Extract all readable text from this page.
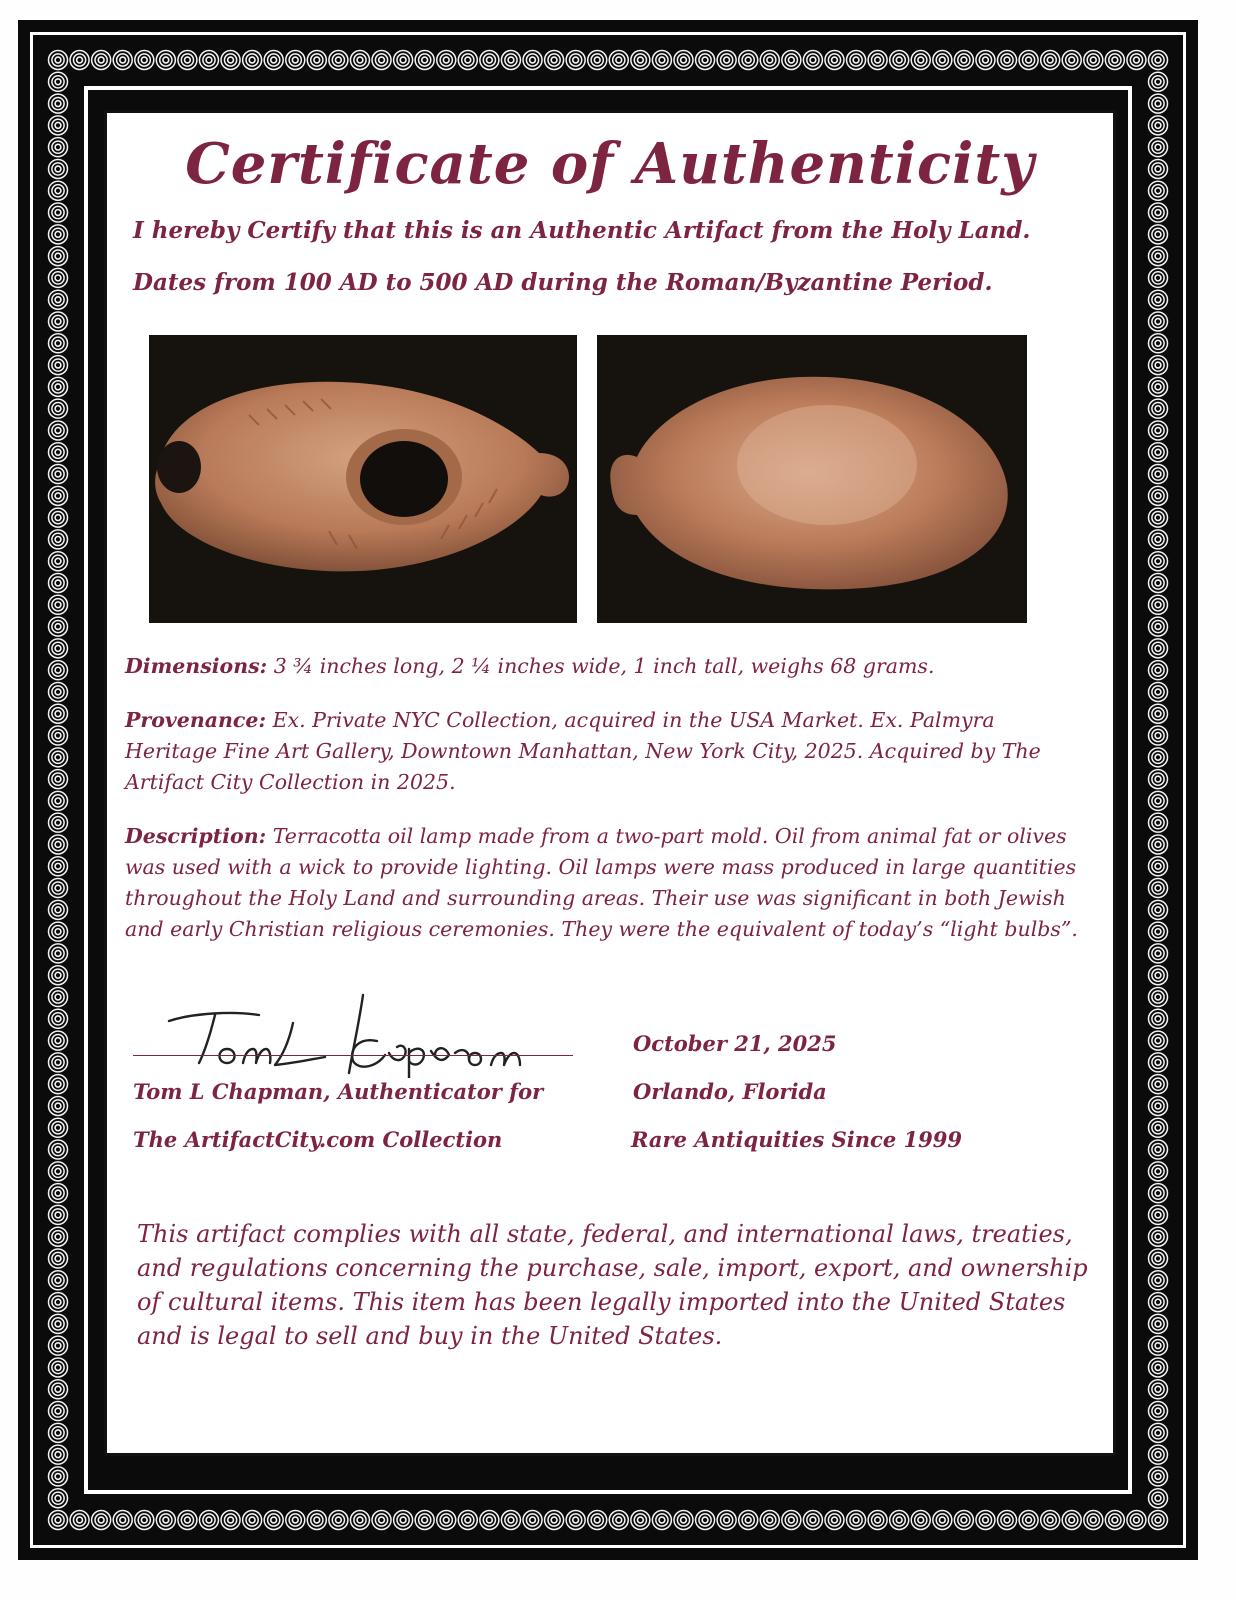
Certificate of Authenticity
I hereby Certify that this is an Authentic Artifact from the Holy Land.
Dates from 100 AD to 500 AD during the Roman/Byzantine Period.
Dimensions: 3 ¾ inches long, 2 ¼ inches wide, 1 inch tall, weighs 68 grams.
Provenance: Ex. Private NYC Collection, acquired in the USA Market. Ex. Palmyra Heritage Fine Art Gallery, Downtown Manhattan, New York City, 2025. Acquired by The Artifact City Collection in 2025.
Description: Terracotta oil lamp made from a two-part mold. Oil from animal fat or olives was used with a wick to provide lighting. Oil lamps were mass produced in large quantities throughout the Holy Land and surrounding areas. Their use was significant in both Jewish and early Christian religious ceremonies. They were the equivalent of today’s “light bulbs”.
Tom L Chapman, Authenticator for
The ArtifactCity.com Collection
October 21, 2025
Orlando, Florida
Rare Antiquities Since 1999
This artifact complies with all state, federal, and international laws, treaties, and regulations concerning the purchase, sale, import, export, and ownership of cultural items. This item has been legally imported into the United States and is legal to sell and buy in the United States.
